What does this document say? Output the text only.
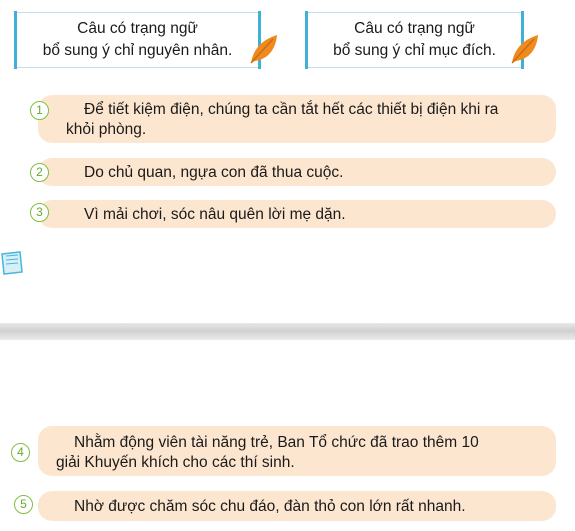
Câu có trạng ngữ
bổ sung ý chỉ nguyên nhân.
Câu có trạng ngữ
bổ sung ý chỉ mục đích.
Để tiết kiệm điện, chúng ta cần tắt hết các thiết bị điện khi ra
khỏi phòng.
1
Do chủ quan, ngựa con đã thua cuộc.
2
Vì mải chơi, sóc nâu quên lời mẹ dặn.
3
Nhằm động viên tài năng trẻ, Ban Tổ chức đã trao thêm 10
giải Khuyến khích cho các thí sinh.
4
Nhờ được chăm sóc chu đáo, đàn thỏ con lớn rất nhanh.
5
